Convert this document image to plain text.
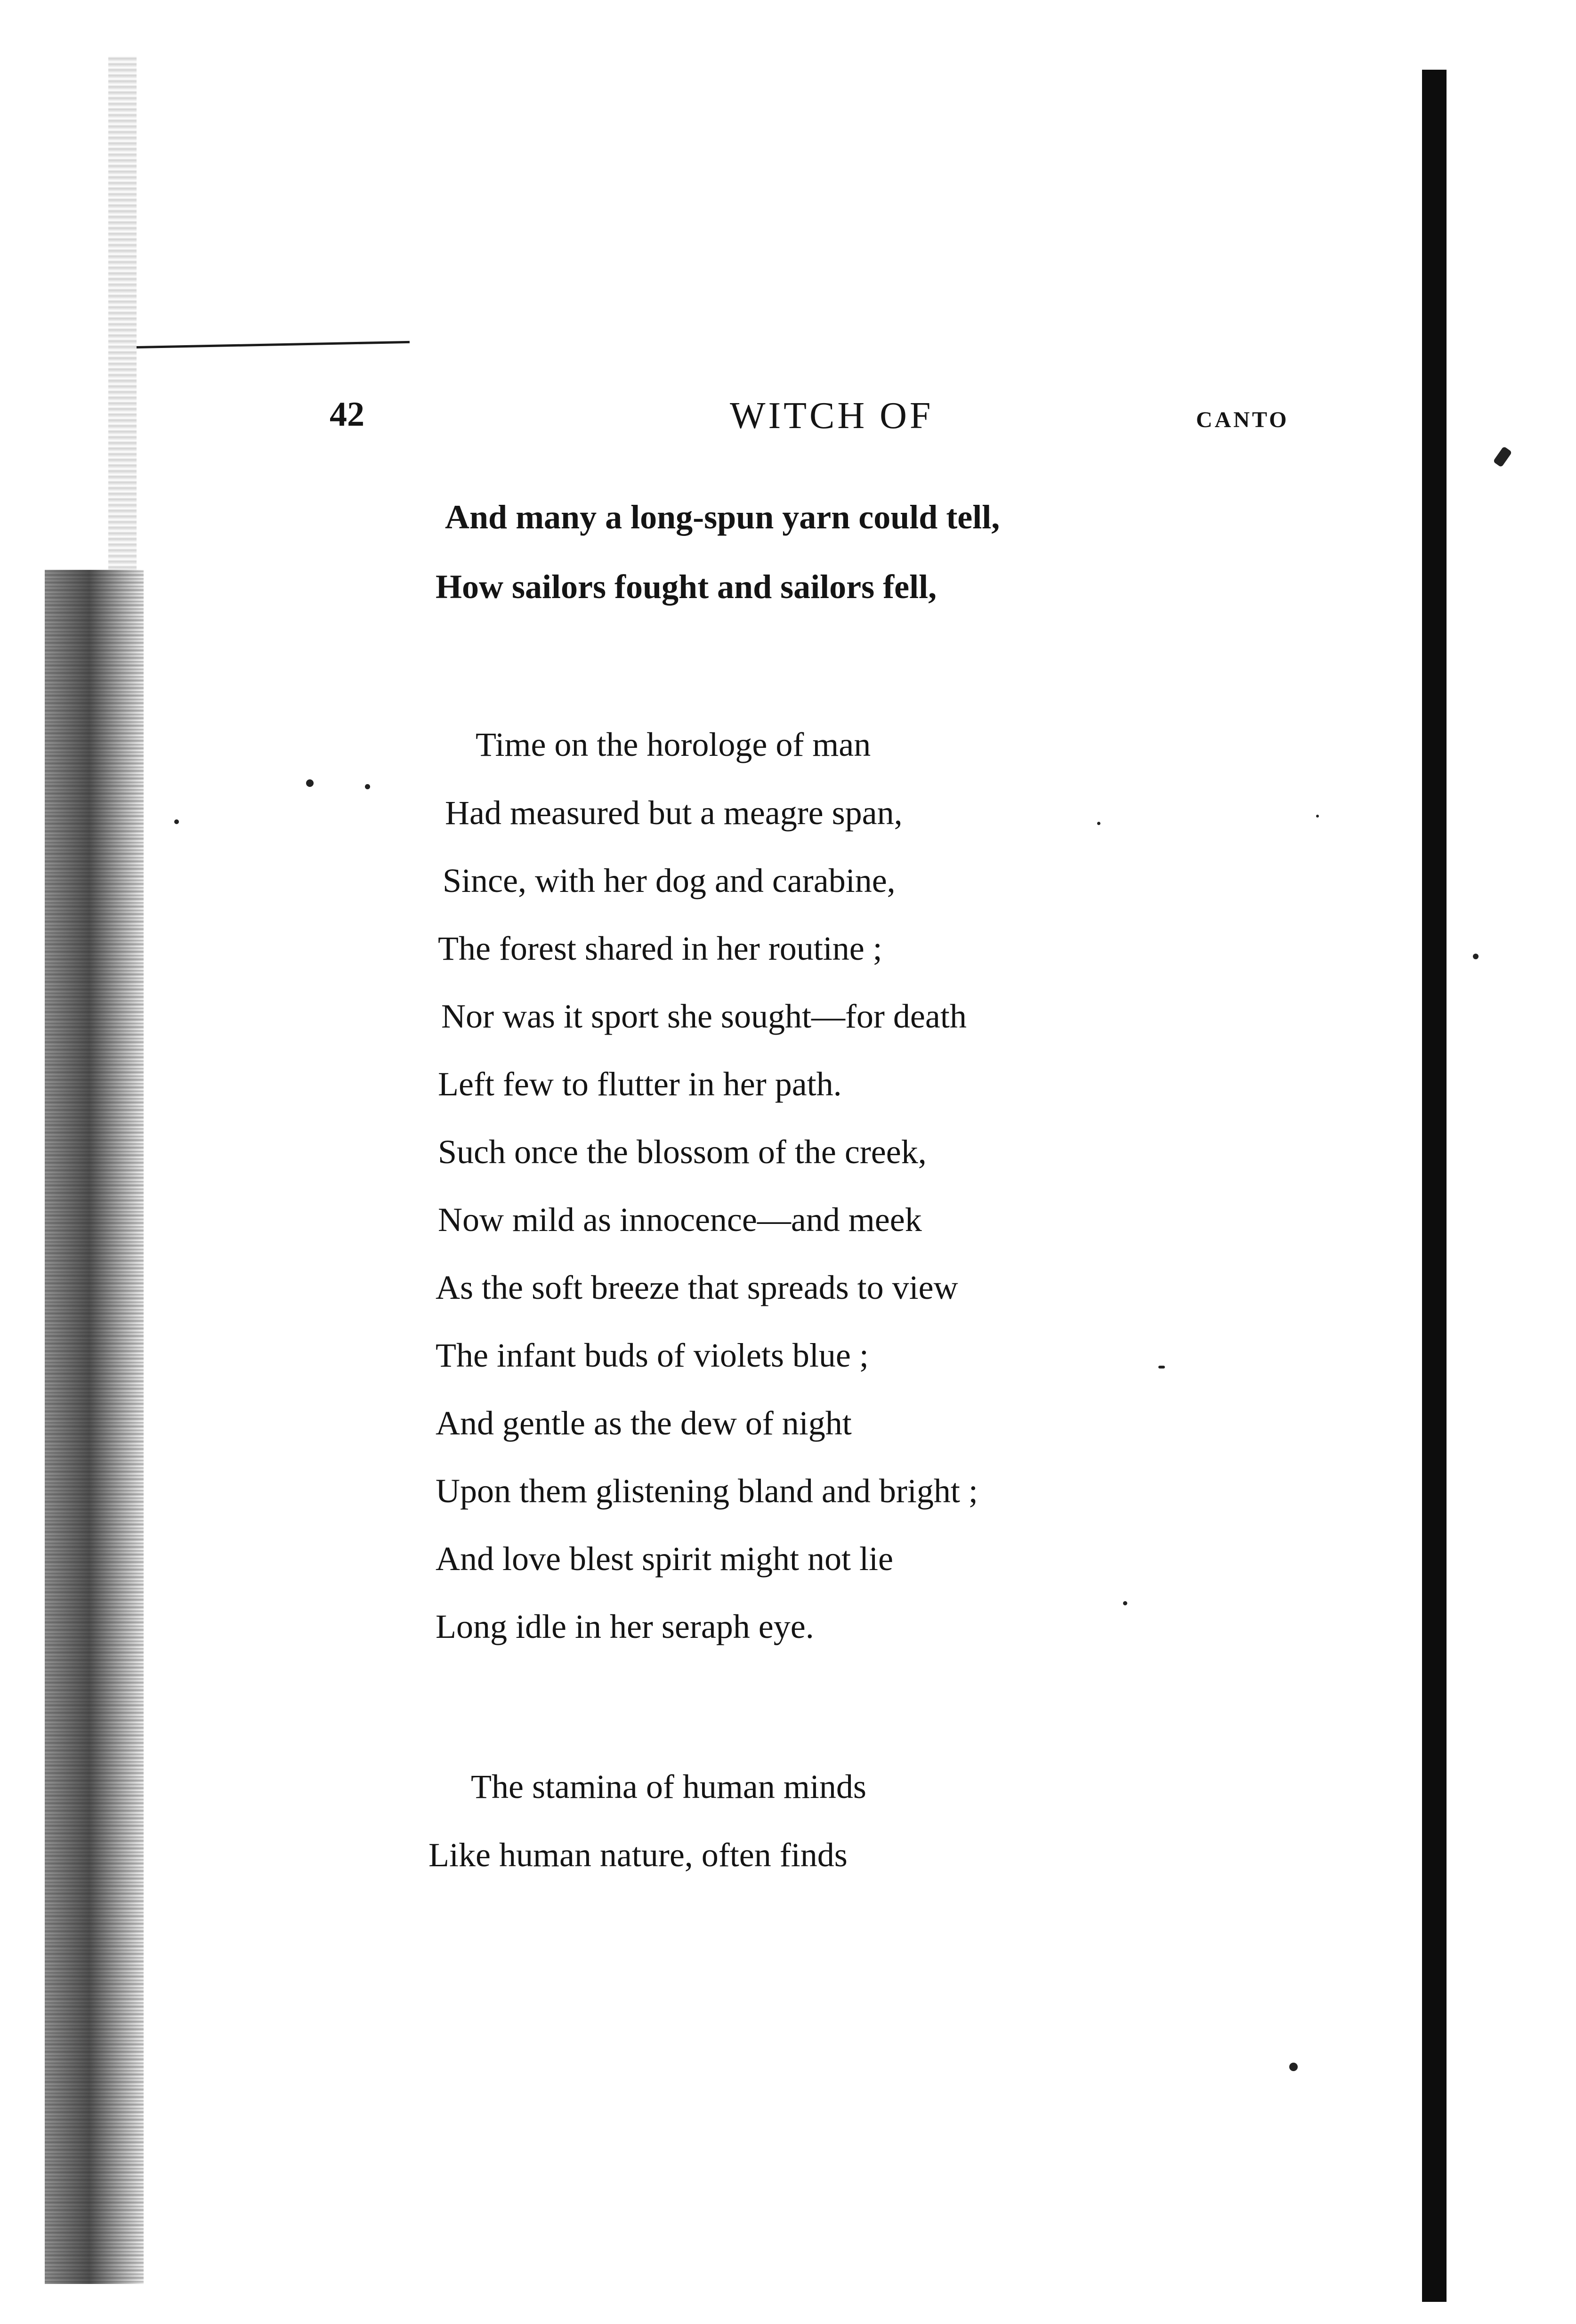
42	WITCH OF	CANTO
And many a long-spun yarn could tell,
How sailors fought and sailors fell,
Time on the horologe of man
Had measured but a meagre span,
Since, with her dog and carabine,
The forest shared in her routine ;
Nor was it sport she sought—for death
Left few to flutter in her path.
Such once the blossom of the creek,
Now mild as innocence—and meek
As the soft breeze that spreads to view
The infant buds of violets blue ;
And gentle as the dew of night
Upon them glistening bland and bright ;
And love blest spirit might not lie
Long idle in her seraph eye.
The stamina of human minds
Like human nature, often finds
